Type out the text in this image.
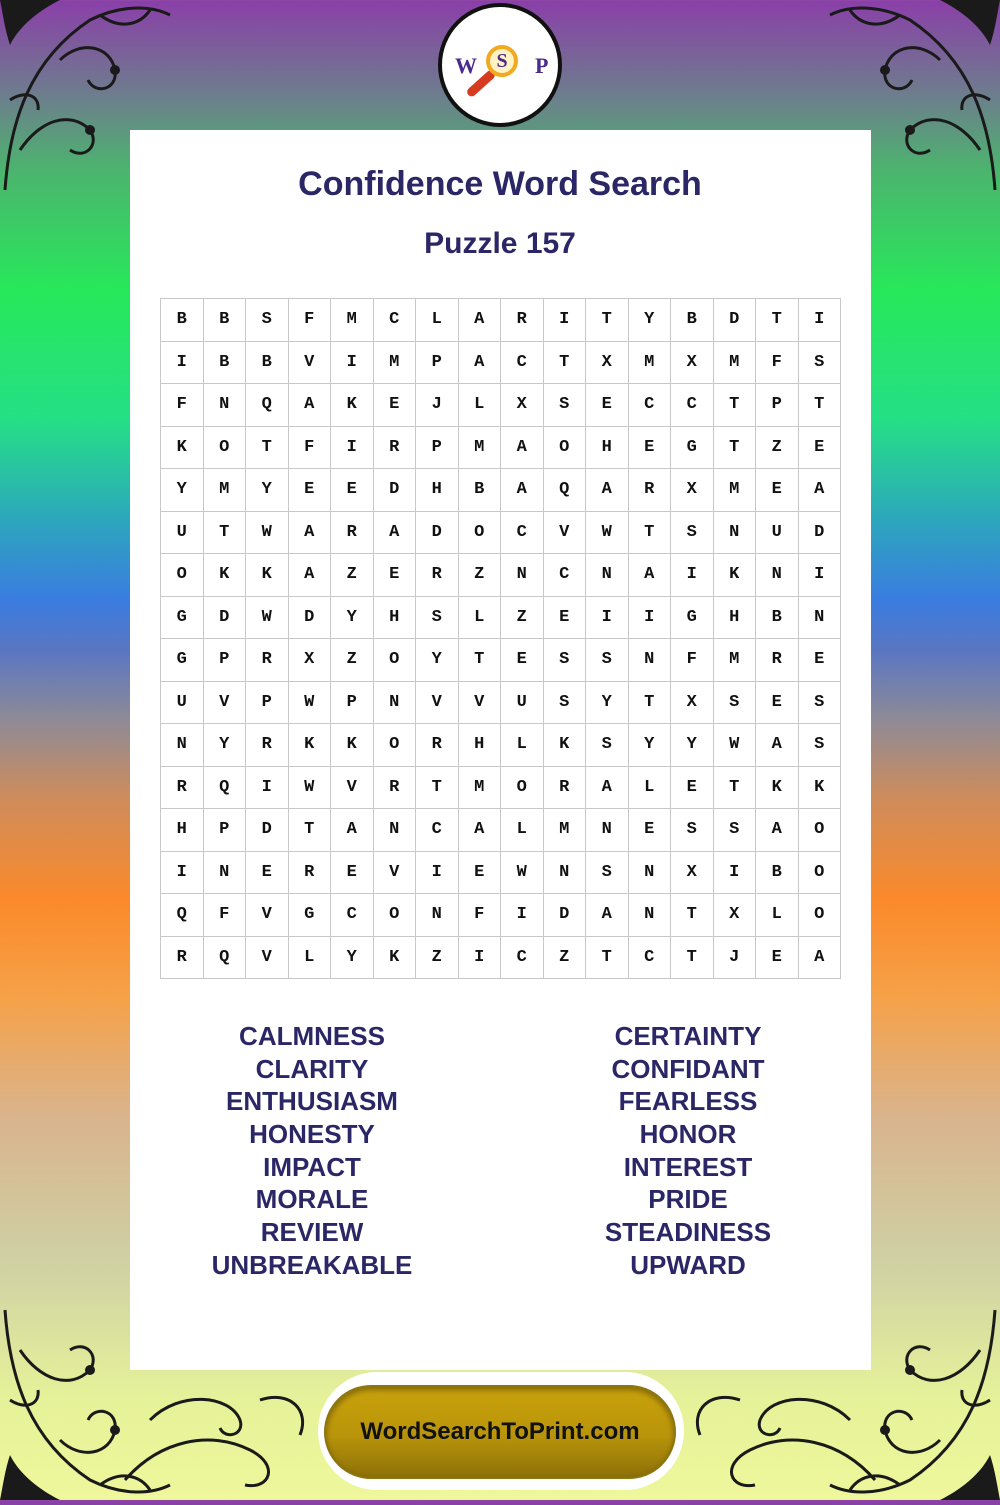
W S	P
Confidence Word Search
Puzzle 157
B	B	S	F	M	C	L	A	R	I	T	Y	B	D	T	I
I	B	B	V	I	M	P	A	C	T	X	M	X	M	F	S
F	N	Q	A	K	E	J	L	X	S	E	C	C	T	P	T
K	O	T	F	I	R	P	M	A	O	H	E	G	T	Z	E
Y	M	Y	E	E	D	H	B	A	Q	A	R	X	M	E	A
U	T	W	A	R	A	D	O	C	V	W	T	S	N	U	D
O	K	K	A	Z	E	R	Z	N	C	N	A	I	K	N	I
G	D	W	D	Y	H	S	L	Z	E	I	I	G	H	B	N
G	P	R	X	Z	O	Y	T	E	S	S	N	F	M	R	E
U	V	P	W	P	N	V	V	U	S	Y	T	X	S	E	S
N	Y	R	K	K	O	R	H	L	K	S	Y	Y	W	A	S
R	Q	I	W	V	R	T	M	O	R	A	L	E	T	K	K
H	P	D	T	A	N	C	A	L	M	N	E	S	S	A	O
I	N	E	R	E	V	I	E	W	N	S	N	X	I	B	O
Q	F	V	G	C	O	N	F	I	D	A	N	T	X	L	O
R	Q	V	L	Y	K	Z	I	C	Z	T	C	T	J	E	A
CALMNESS
CLARITY
ENTHUSIASM
HONESTY
IMPACT
MORALE
REVIEW
UNBREAKABLE
CERTAINTY
CONFIDANT
FEARLESS
HONOR
INTEREST
PRIDE
STEADINESS
UPWARD
WordSearchToPrint.com
